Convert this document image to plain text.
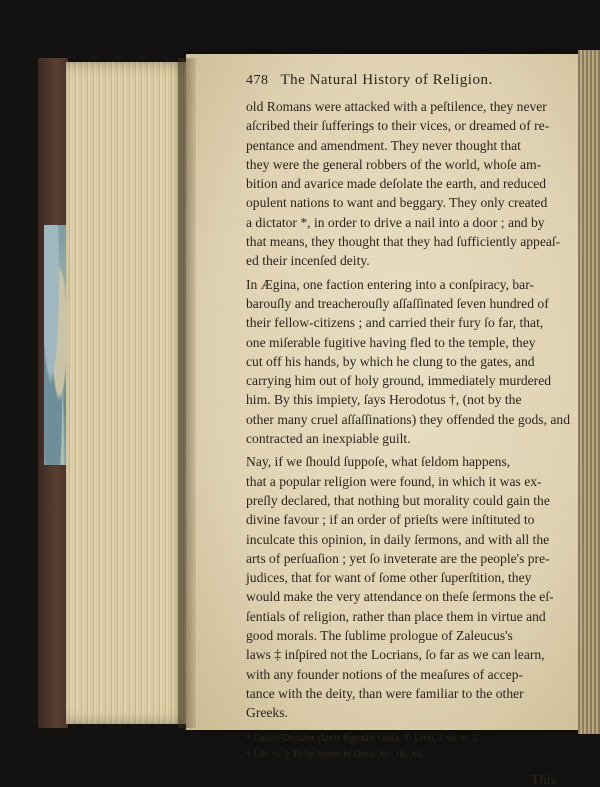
478 The Natural History of Religion.
old Romans were attacked with a peſtilence, they never
aſcribed their ſufferings to their vices, or dreamed of re-
pentance and amendment. They never thought that
they were the general robbers of the world, whoſe am-
bition and avarice made deſolate the earth, and reduced
opulent nations to want and beggary. They only created
a dictator *, in order to drive a nail into a door ; and by
that means, they thought that they had ſufficiently appeaſ-
ed their incenſed deity.
In Ægina, one faction entering into a conſpiracy, bar-
barouſly and treacherouſly aſſaſſinated ſeven hundred of
their fellow-citizens ; and carried their fury ſo far, that,
one miſerable fugitive having fled to the temple, they
cut off his hands, by which he clung to the gates, and
carrying him out of holy ground, immediately murdered
him. By this impiety, ſays Herodotus †, (not by the
other many cruel aſſaſſinations) they offended the gods, and
contracted an inexpiable guilt.
Nay, if we ſhould ſuppoſe, what ſeldom happens,
that a popular religion were found, in which it was ex-
preſly declared, that nothing but morality could gain the
divine favour ; if an order of prieſts were inſtituted to
inculcate this opinion, in daily ſermons, and with all the
arts of perſuaſion ; yet ſo inveterate are the people's pre-
judices, that for want of ſome other ſuperſtition, they
would make the very attendance on theſe ſermons the eſ-
ſentials of religion, rather than place them in virtue and
good morals. The ſublime prologue of Zaleucus's
laws ‡ inſpired not the Locrians, ſo far as we can learn,
with any founder notions of the meaſures of accep-
tance with the deity, than were familiar to the other
Greeks.
* Called Dictator clavis figendæ cauſa. T. Livii, l. vii. c. 3.
† Lib. vi. ‡ To be found in Diod. Sic. lib. xii.
This
